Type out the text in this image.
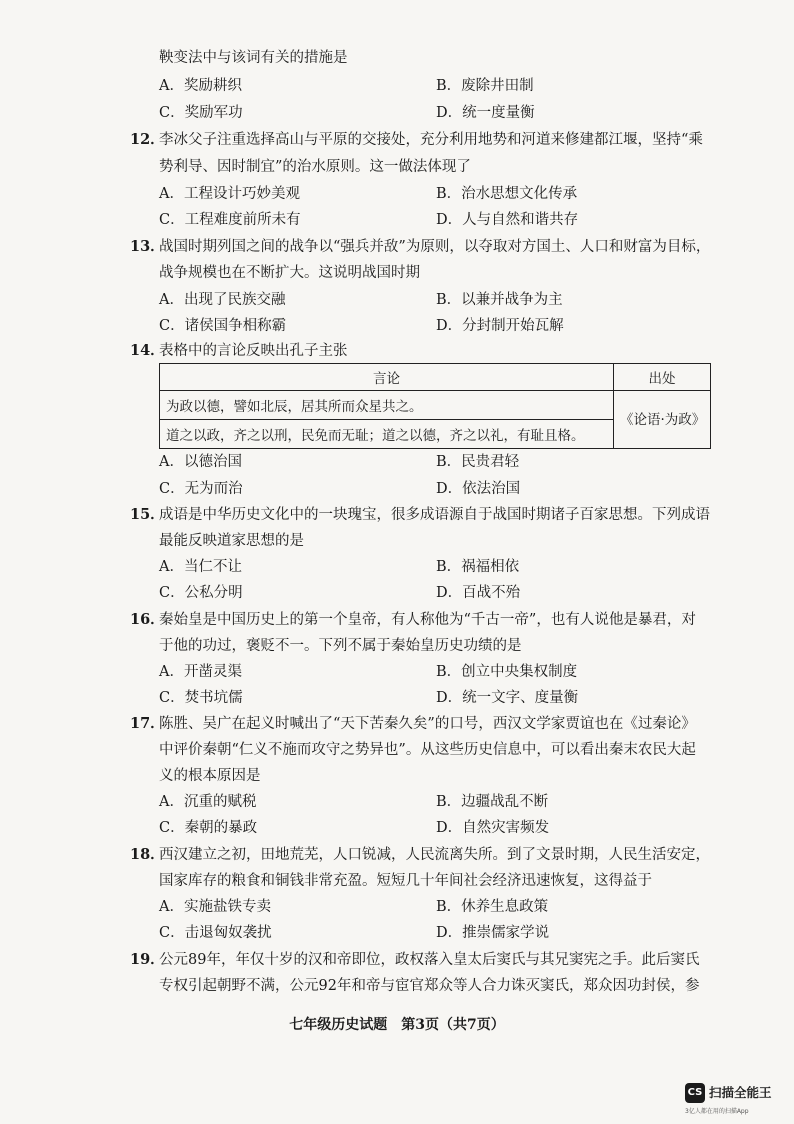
鞅变法中与该词有关的措施是
A．奖励耕织	B．废除井田制
C．奖励军功	D．统一度量衡
12．
李冰父子注重选择高山与平原的交接处，充分利用地势和河道来修建都江堰，坚持“乘
势利导、因时制宜”的治水原则。这一做法体现了
A．工程设计巧妙美观	B．治水思想文化传承
C．工程难度前所未有	D．人与自然和谐共存
13．
战国时期列国之间的战争以“强兵并敌”为原则，以夺取对方国土、人口和财富为目标，
战争规模也在不断扩大。这说明战国时期
A．出现了民族交融	B．以兼并战争为主
C．诸侯国争相称霸	D．分封制开始瓦解
14．
表格中的言论反映出孔子主张
言论	出处
为政以德，譬如北辰，居其所而众星共之。	《论语·为政》
道之以政，齐之以刑，民免而无耻；道之以德，齐之以礼，有耻且格。	
A．以德治国	B．民贵君轻
C．无为而治	D．依法治国
15．
成语是中华历史文化中的一块瑰宝，很多成语源自于战国时期诸子百家思想。下列成语
最能反映道家思想的是
A．当仁不让	B．祸福相依
C．公私分明	D．百战不殆
16．
秦始皇是中国历史上的第一个皇帝，有人称他为“千古一帝”，也有人说他是暴君，对
于他的功过，褒贬不一。下列不属于秦始皇历史功绩的是
A．开凿灵渠	B．创立中央集权制度
C．焚书坑儒	D．统一文字、度量衡
17．
陈胜、吴广在起义时喊出了“天下苦秦久矣”的口号，西汉文学家贾谊也在《过秦论》
中评价秦朝“仁义不施而攻守之势异也”。从这些历史信息中，可以看出秦末农民大起
义的根本原因是
A．沉重的赋税	B．边疆战乱不断
C．秦朝的暴政	D．自然灾害频发
18．
西汉建立之初，田地荒芜，人口锐减，人民流离失所。到了文景时期，人民生活安定，
国家库存的粮食和铜钱非常充盈。短短几十年间社会经济迅速恢复，这得益于
A．实施盐铁专卖	B．休养生息政策
C．击退匈奴袭扰	D．推崇儒家学说
19．
公元89年，年仅十岁的汉和帝即位，政权落入皇太后窦氏与其兄窦宪之手。此后窦氏
专权引起朝野不满，公元92年和帝与宦官郑众等人合力诛灭窦氏，郑众因功封侯，参
七年级历史试题　第3页（共7页）
CS 扫描全能王
3亿人都在用的扫描App
